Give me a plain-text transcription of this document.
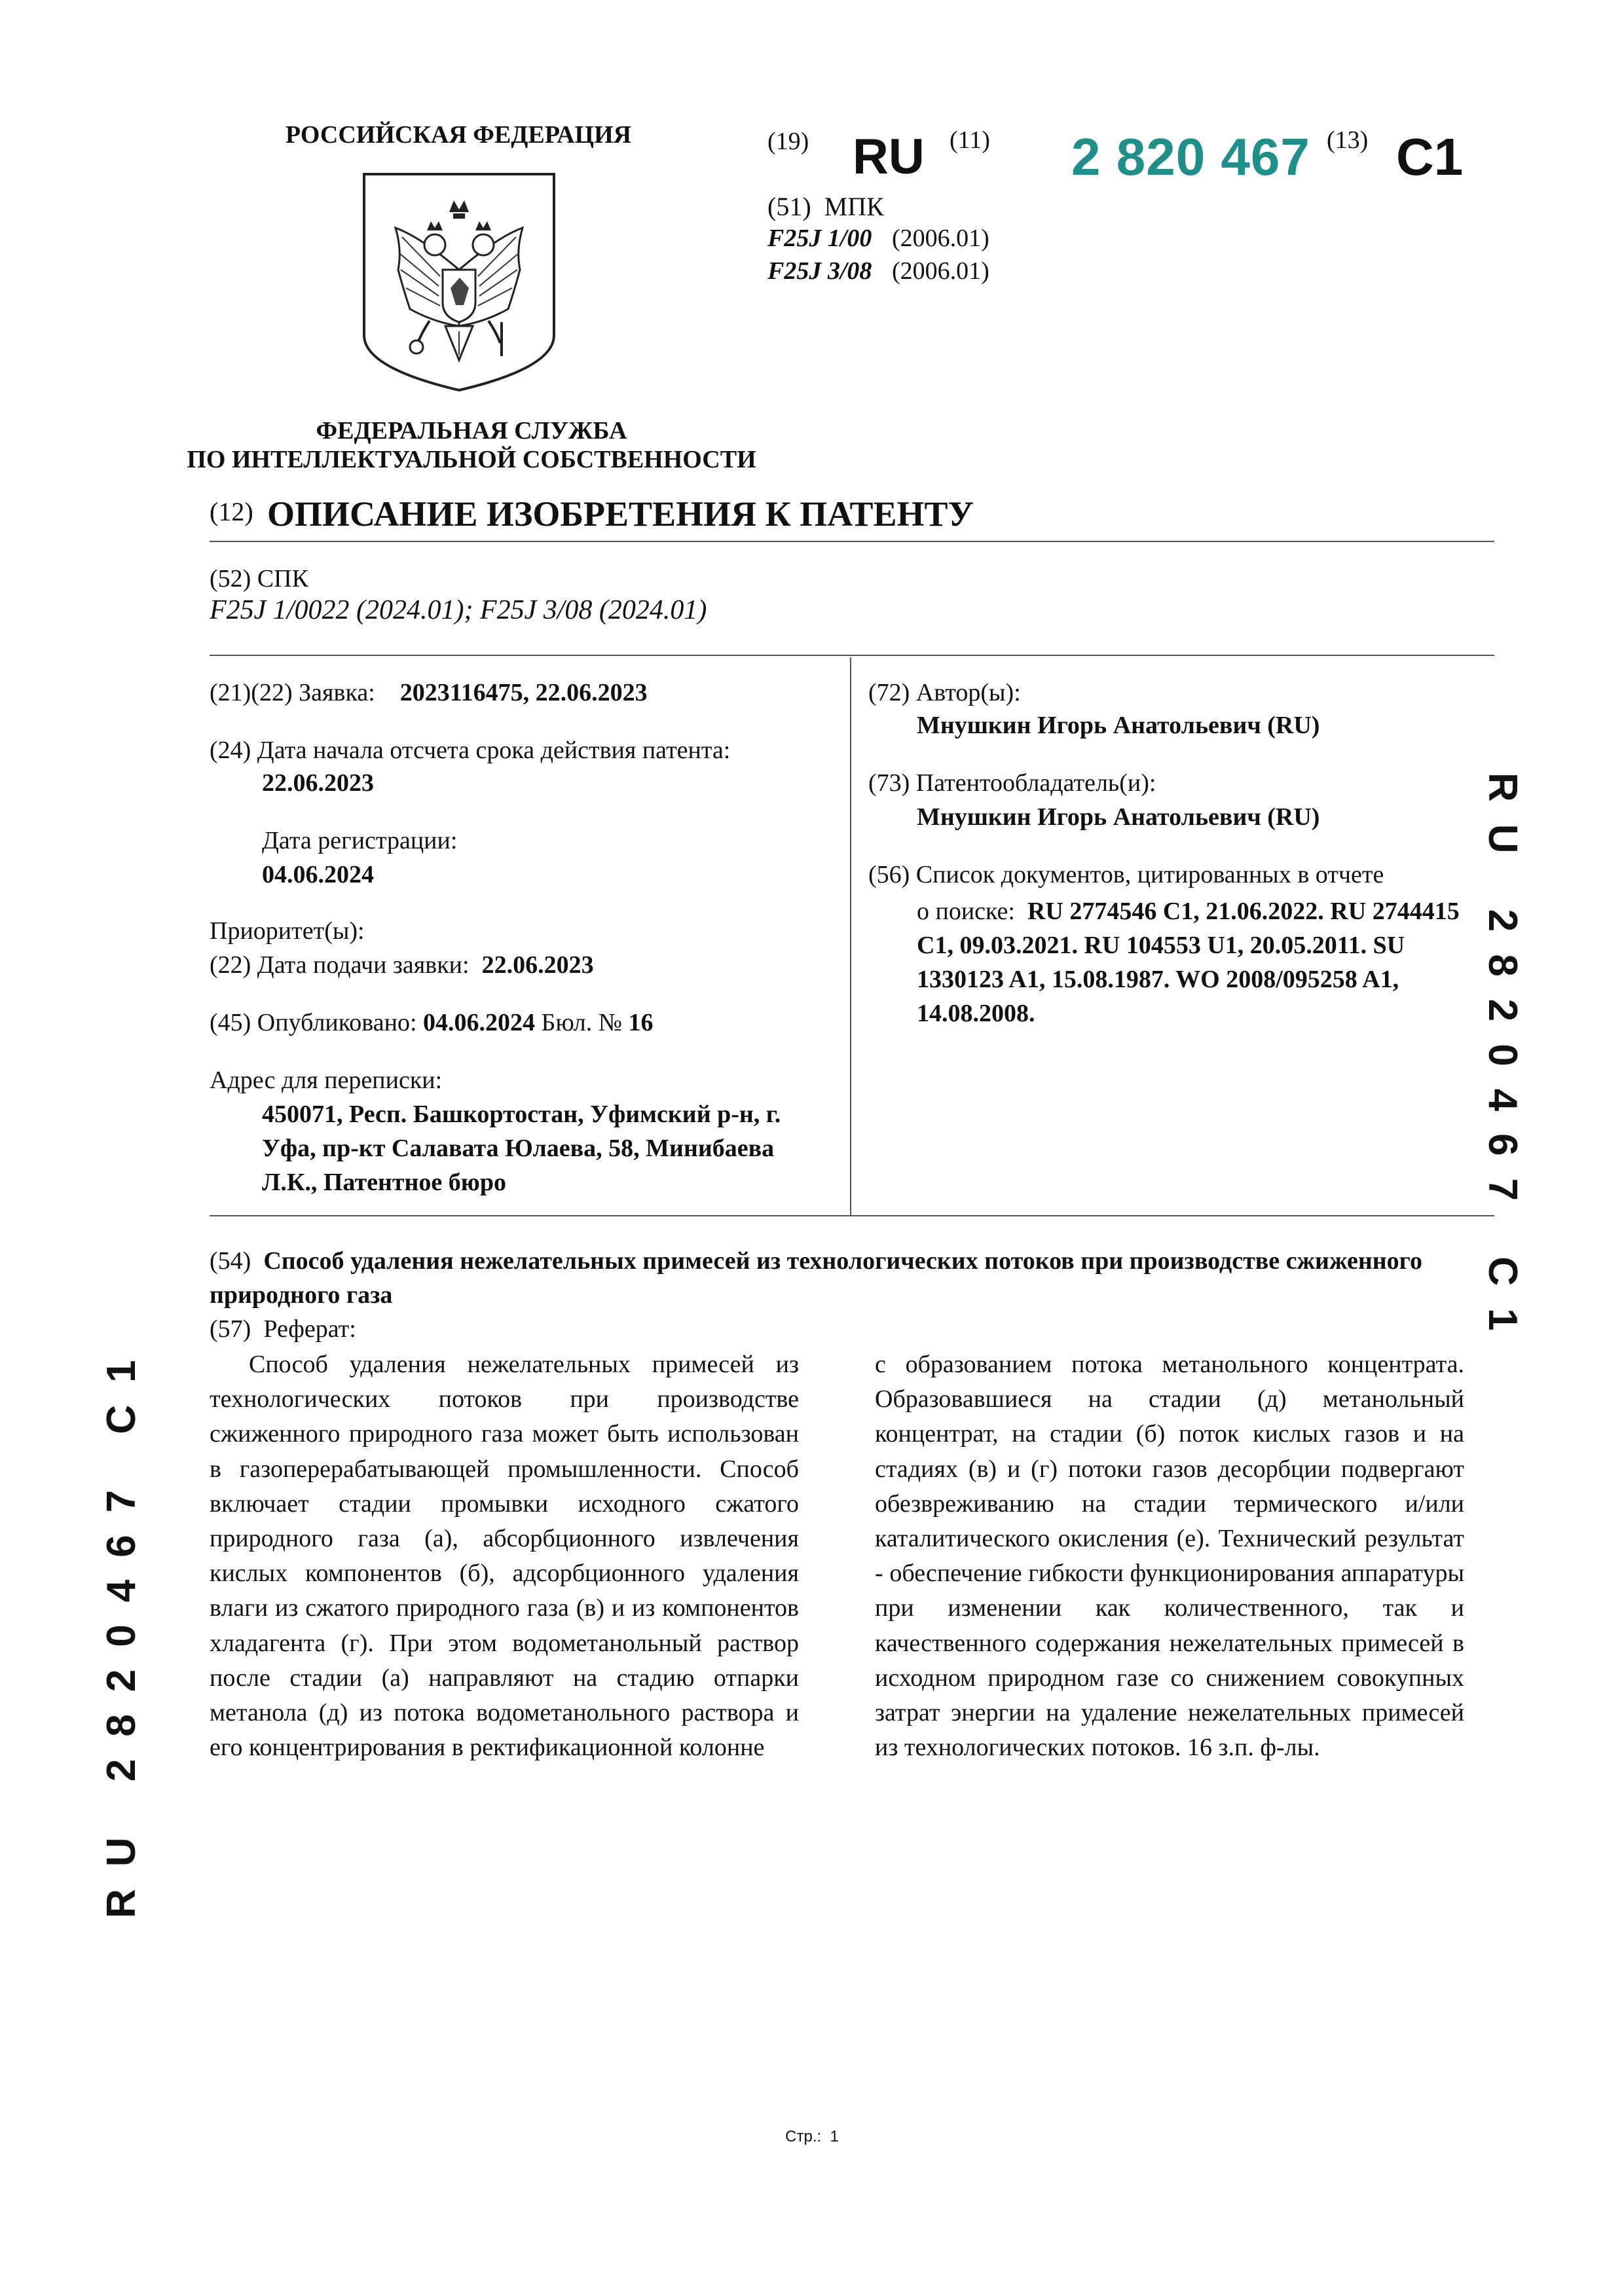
РОССИЙСКАЯ ФЕДЕРАЦИЯ
ФЕДЕРАЛЬНАЯ СЛУЖБА
ПО ИНТЕЛЛЕКТУАЛЬНОЙ СОБСТВЕННОСТИ
(19) RU (11) 2 820 467 (13) C1
(51) МПК
F25J 1/00 (2006.01)
F25J 3/08 (2006.01)
(12) ОПИСАНИЕ ИЗОБРЕТЕНИЯ К ПАТЕНТУ
(52) СПК
F25J 1/0022 (2024.01); F25J 3/08 (2024.01)
(21)(22) Заявка: 2023116475, 22.06.2023
(24) Дата начала отсчета срока действия патента:
22.06.2023
Дата регистрации:
04.06.2024
Приоритет(ы):
(22) Дата подачи заявки: 22.06.2023
(45) Опубликовано: 04.06.2024 Бюл. № 16
Адрес для переписки:
450071, Респ. Башкортостан, Уфимский р-н, г.
Уфа, пр-кт Салавата Юлаева, 58, Минибаева
Л.К., Патентное бюро
(72) Автор(ы):
Мнушкин Игорь Анатольевич (RU)
(73) Патентообладатель(и):
Мнушкин Игорь Анатольевич (RU)
(56) Список документов, цитированных в отчете
о поиске: RU 2774546 C1, 21.06.2022. RU 2744415 C1, 09.03.2021. RU 104553 U1, 20.05.2011. SU 1330123 A1, 15.08.1987. WO 2008/095258 A1, 14.08.2008.
(54) Способ удаления нежелательных примесей из технологических потоков при производстве сжиженного природного газа
(57) Реферат:
Способ удаления нежелательных примесей из технологических потоков при производстве сжиженного природного газа может быть использован в газоперерабатывающей промышленности. Способ включает стадии промывки исходного сжатого природного газа (а), абсорбционного извлечения кислых компонентов (б), адсорбционного удаления влаги из сжатого природного газа (в) и из компонентов хладагента (г). При этом водометанольный раствор после стадии (а) направляют на стадию отпарки метанола (д) из потока водометанольного раствора и его концентрирования в ректификационной колонне
с образованием потока метанольного концентрата. Образовавшиеся на стадии (д) метанольный концентрат, на стадии (б) поток кислых газов и на стадиях (в) и (г) потоки газов десорбции подвергают обезвреживанию на стадии термического и/или каталитического окисления (е). Технический результат - обеспечение гибкости функционирования аппаратуры при изменении как количественного, так и качественного содержания нежелательных примесей в исходном природном газе со снижением совокупных затрат энергии на удаление нежелательных примесей из технологических потоков. 16 з.п. ф-лы.
RU 2820467 C1
RU 2820467 C1
Стр.: 1
